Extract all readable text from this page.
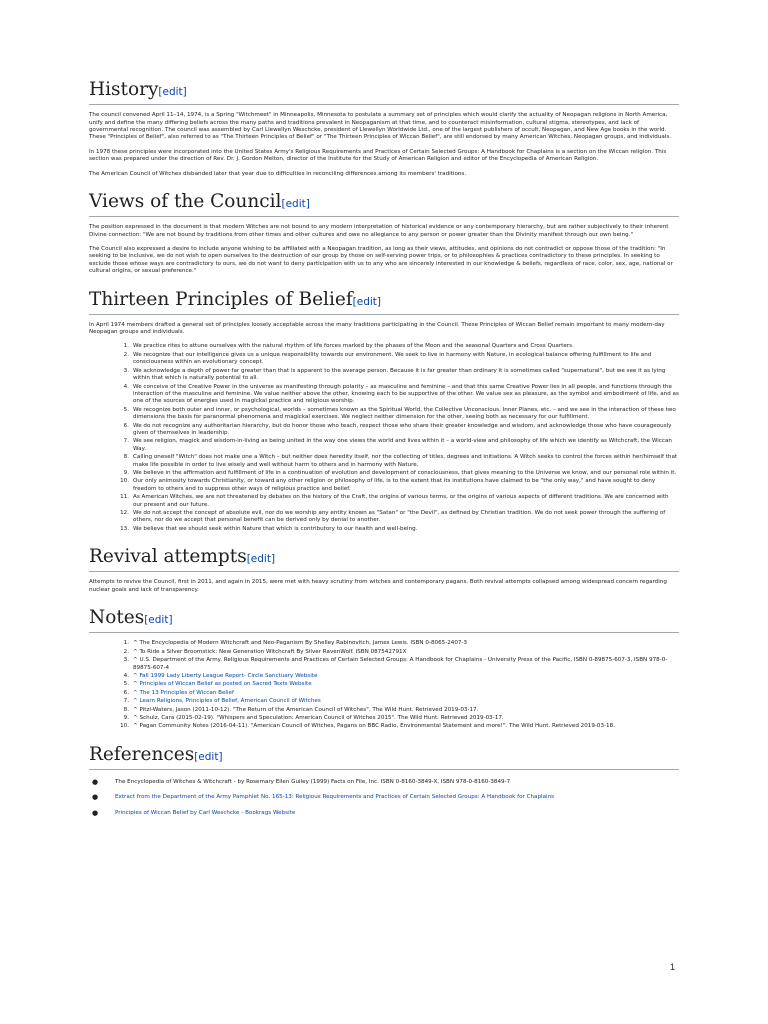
History[edit]

The council convened April 11–14, 1974, is a Spring "Witchmeet" in Minneapolis, Minnesota to postulate a summary set of principles which would clarify the actuality of Neopagan religions in North America, unify and define the many differing beliefs across the many paths and traditions prevalent in Neopaganism at that time, and to counteract misinformation, cultural stigma, stereotypes, and lack of governmental recognition. The council was assembled by Carl Llewellyn Weschcke, president of Llewellyn Worldwide Ltd., one of the largest publishers of occult, Neopagan, and New Age books in the world. These "Principles of Belief", also referred to as "The Thirteen Principles of Belief" or "The Thirteen Principles of Wiccan Belief", are still endorsed by many American Witches, Neopagan groups, and individuals.

In 1978 these principles were incorporated into the United States Army's Religious Requirements and Practices of Certain Selected Groups: A Handbook for Chaplains is a section on the Wiccan religion. This section was prepared under the direction of Rev. Dr. J. Gordon Melton, director of the Institute for the Study of American Religion and editor of the Encyclopedia of American Religion.

The American Council of Witches disbanded later that year due to difficulties in reconciling differences among its members' traditions.

Views of the Council[edit]

The position expressed in the document is that modern Witches are not bound to any modern interpretation of historical evidence or any contemporary hierarchy, but are rather subjectively to their inherent Divine connection: "We are not bound by traditions from other times and other cultures and owe no allegiance to any person or power greater than the Divinity manifest through our own being."

The Council also expressed a desire to include anyone wishing to be affiliated with a Neopagan tradition, as long as their views, attitudes, and opinions do not contradict or oppose those of the tradition: "In seeking to be inclusive, we do not wish to open ourselves to the destruction of our group by those on self-serving power trips, or to philosophies & practices contradictory to these principles. In seeking to exclude those whose ways are contradictory to ours, we do not want to deny participation with us to any who are sincerely interested in our knowledge & beliefs, regardless of race, color, sex, age, national or cultural origins, or sexual preference."

Thirteen Principles of Belief[edit]

In April 1974 members drafted a general set of principles loosely acceptable across the many traditions participating in the Council. These Principles of Wiccan Belief remain important to many modern-day Neopagan groups and individuals.

1. We practice rites to attune ourselves with the natural rhythm of life forces marked by the phases of the Moon and the seasonal Quarters and Cross Quarters.
2. We recognize that our intelligence gives us a unique responsibility towards our environment. We seek to live in harmony with Nature, in ecological balance offering fulfillment to life and consciousness within an evolutionary concept.
3. We acknowledge a depth of power far greater than that is apparent to the average person. Because it is far greater than ordinary it is sometimes called "supernatural", but we see it as lying within that which is naturally potential to all.
4. We conceive of the Creative Power in the universe as manifesting through polarity – as masculine and feminine – and that this same Creative Power lies in all people, and functions through the interaction of the masculine and feminine. We value neither above the other, knowing each to be supportive of the other. We value sex as pleasure, as the symbol and embodiment of life, and as one of the sources of energies used in magickal practice and religious worship.
5. We recognize both outer and inner, or psychological, worlds – sometimes known as the Spiritual World, the Collective Unconscious, Inner Planes, etc. – and we see in the interaction of these two dimensions the basis for paranormal phenomena and magickal exercises. We neglect neither dimension for the other, seeing both as necessary for our fulfillment.
6. We do not recognize any authoritarian hierarchy, but do honor those who teach, respect those who share their greater knowledge and wisdom, and acknowledge those who have courageously given of themselves in leadership.
7. We see religion, magick and wisdom-in-living as being united in the way one views the world and lives within it – a world-view and philosophy of life which we identify as Witchcraft, the Wiccan Way.
8. Calling oneself "Witch" does not make one a Witch – but neither does heredity itself, nor the collecting of titles, degrees and initiations. A Witch seeks to control the forces within her/himself that make life possible in order to live wisely and well without harm to others and in harmony with Nature.
9. We believe in the affirmation and fulfillment of life in a continuation of evolution and development of consciousness, that gives meaning to the Universe we know, and our personal role within it.
10. Our only animosity towards Christianity, or toward any other religion or philosophy of life, is to the extent that its institutions have claimed to be "the only way," and have sought to deny freedom to others and to suppress other ways of religious practice and belief.
11. As American Witches, we are not threatened by debates on the history of the Craft, the origins of various terms, or the origins of various aspects of different traditions. We are concerned with our present and our future.
12. We do not accept the concept of absolute evil, nor do we worship any entity known as "Satan" or "the Devil", as defined by Christian tradition. We do not seek power through the suffering of others, nor do we accept that personal benefit can be derived only by denial to another.
13. We believe that we should seek within Nature that which is contributory to our health and well-being.
Revival attempts[edit]

Attempts to revive the Council, first in 2011, and again in 2015, were met with heavy scrutiny from witches and contemporary pagans. Both revival attempts collapsed among widespread concern regarding nuclear goals and lack of transparency.

Notes[edit]
1. ^ The Encyclopedia of Modern Witchcraft and Neo-Paganism By Shelley Rabinovitch, James Lewis. ISBN 0-8065-2407-3
2. ^ To Ride a Silver Broomstick: New Generation Witchcraft By Silver RavenWolf. ISBN 087542791X
3. ^ U.S. Department of the Army. Religious Requirements and Practices of Certain Selected Groups: A Handbook for Chaplains - University Press of the Pacific, ISBN 0-89875-607-3, ISBN 978-0-89875-607-4
4. ^ Fall 1999 Lady Liberty League Report- Circle Sanctuary Website
5. ^ Principles of Wiccan Belief as posted on Sacred Texts Website
6. ^ The 13 Principles of Wiccan Belief
7. ^ Learn Religions, Principles of Belief, American Council of Witches
8. ^ Pitzl-Waters, Jason (2011-10-12). "The Return of the American Council of Witches". The Wild Hunt. Retrieved 2019-03-17.
9. ^ Schulz, Cara (2015-02-19). "Whispers and Speculation: American Council of Witches 2015". The Wild Hunt. Retrieved 2019-03-17.
10. ^ Pagan Community Notes (2016-04-11). "American Council of Witches, Pagans on BBC Radio, Environmental Statement and more!". The Wild Hunt. Retrieved 2019-03-18.
References[edit]
●	The Encyclopedia of Witches & Witchcraft - by Rosemary Ellen Guiley (1999) Facts on File, Inc. ISBN 0-8160-3849-X, ISBN 978-0-8160-3849-7
●	Extract from the Department of the Army Pamphlet No. 165-13: Religious Requirements and Practices of Certain Selected Groups: A Handbook for Chaplains
●	Principles of Wiccan Belief by Carl Weschcke - Bookrags Website
1
